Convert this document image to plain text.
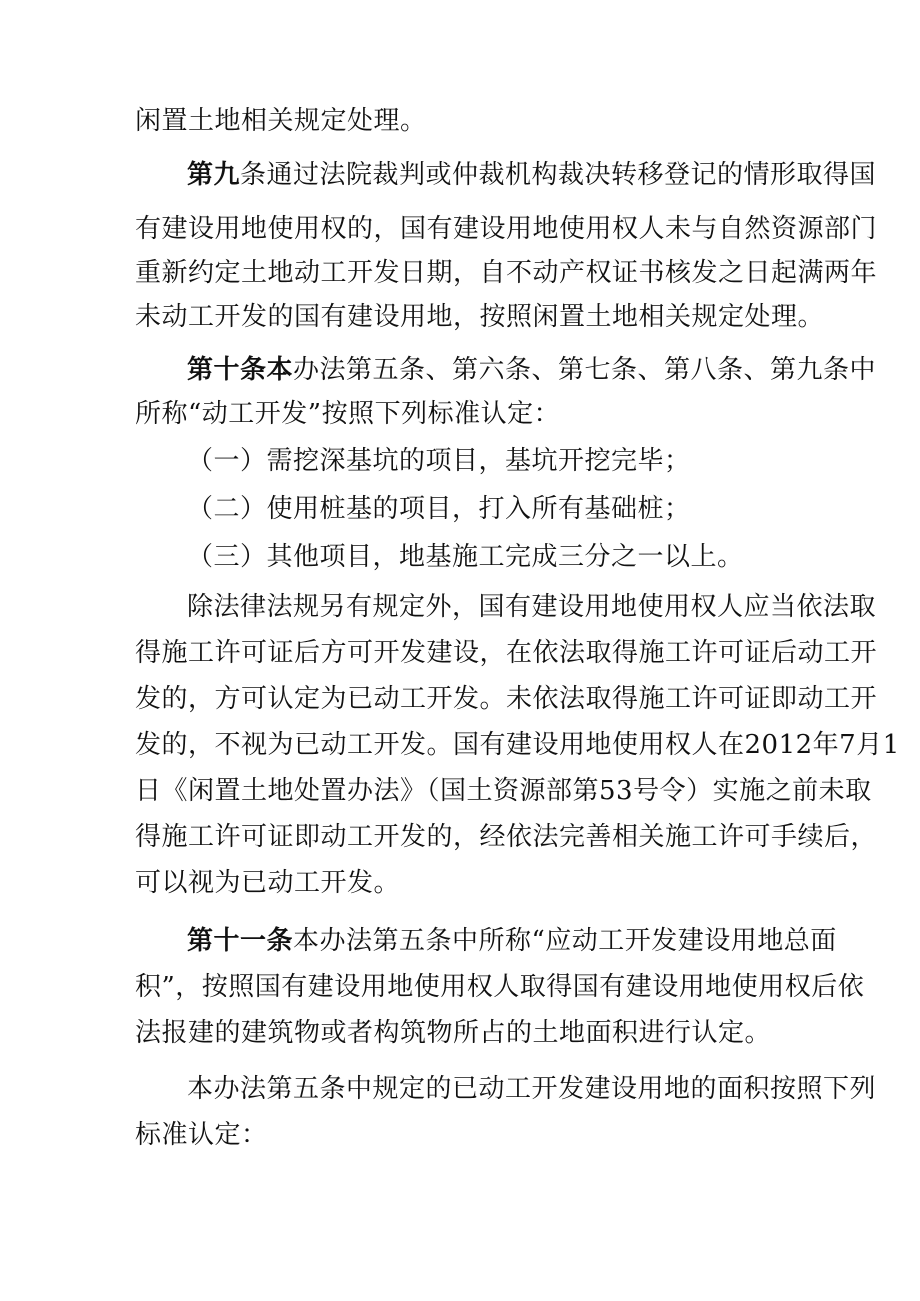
闲置土地相关规定处理。

第九条通过法院裁判或仲裁机构裁决转移登记的情形取得国

有建设用地使用权的，国有建设用地使用权人未与自然资源部门

重新约定土地动工开发日期，自不动产权证书核发之日起满两年

未动工开发的国有建设用地，按照闲置土地相关规定处理。

第十条本办法第五条、第六条、第七条、第八条、第九条中

所称“动工开发”按照下列标准认定：

（一）需挖深基坑的项目，基坑开挖完毕；

（二）使用桩基的项目，打入所有基础桩；

（三）其他项目，地基施工完成三分之一以上。

除法律法规另有规定外，国有建设用地使用权人应当依法取

得施工许可证后方可开发建设，在依法取得施工许可证后动工开

发的，方可认定为已动工开发。未依法取得施工许可证即动工开

发的，不视为已动工开发。国有建设用地使用权人在2012年7月1

日《闲置土地处置办法》（国土资源部第53号令）实施之前未取

得施工许可证即动工开发的，经依法完善相关施工许可手续后，

可以视为已动工开发。

第十一条本办法第五条中所称“应动工开发建设用地总面

积”，按照国有建设用地使用权人取得国有建设用地使用权后依

法报建的建筑物或者构筑物所占的土地面积进行认定。

本办法第五条中规定的已动工开发建设用地的面积按照下列

标准认定：
